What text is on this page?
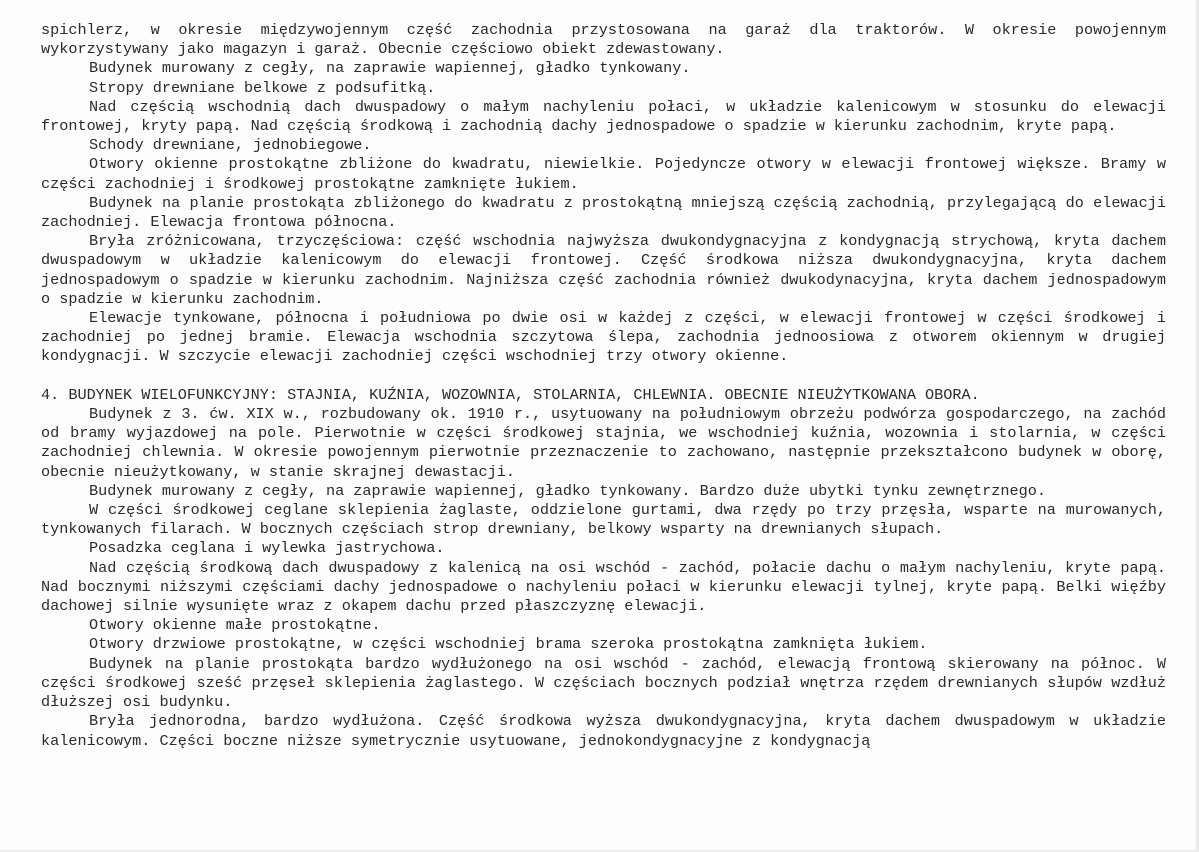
spichlerz, w okresie międzywojennym część zachodnia przystosowana na garaż dla traktorów. W okresie powojennym wykorzystywany jako magazyn i garaż. Obecnie częściowo obiekt zdewastowany.

Budynek murowany z cegły, na zaprawie wapiennej, gładko tynkowany.

Stropy drewniane belkowe z podsufitką.

Nad częścią wschodnią dach dwuspadowy o małym nachyleniu połaci, w układzie kalenicowym w stosunku do elewacji frontowej, kryty papą. Nad częścią środkową i zachodnią dachy jednospadowe o spadzie w kierunku zachodnim, kryte papą.

Schody drewniane, jednobiegowe.

Otwory okienne prostokątne zbliżone do kwadratu, niewielkie. Pojedyncze otwory w elewacji frontowej większe. Bramy w części zachodniej i środkowej prostokątne zamknięte łukiem.

Budynek na planie prostokąta zbliżonego do kwadratu z prostokątną mniejszą częścią zachodnią, przylegającą do elewacji zachodniej. Elewacja frontowa północna.

Bryła zróżnicowana, trzyczęściowa: część wschodnia najwyższa dwukondygnacyjna z kondygnacją strychową, kryta dachem dwuspadowym w układzie kalenicowym do elewacji frontowej. Część środkowa niższa dwukondygnacyjna, kryta dachem jednospadowym o spadzie w kierunku zachodnim. Najniższa część zachodnia również dwukodynacyjna, kryta dachem jednospadowym o spadzie w kierunku zachodnim.

Elewacje tynkowane, północna i południowa po dwie osi w każdej z części, w elewacji frontowej w części środkowej i zachodniej po jednej bramie. Elewacja wschodnia szczytowa ślepa, zachodnia jednoosiowa z otworem okiennym w drugiej kondygnacji. W szczycie elewacji zachodniej części wschodniej trzy otwory okienne.

4. BUDYNEK WIELOFUNKCYJNY: STAJNIA, KUŹNIA, WOZOWNIA, STOLARNIA, CHLEWNIA. OBECNIE NIEUŻYTKOWANA OBORA.

Budynek z 3. ćw. XIX w., rozbudowany ok. 1910 r., usytuowany na południowym obrzeżu podwórza gospodarczego, na zachód od bramy wyjazdowej na pole. Pierwotnie w części środkowej stajnia, we wschodniej kuźnia, wozownia i stolarnia, w części zachodniej chlewnia. W okresie powojennym pierwotnie przeznaczenie to zachowano, następnie przekształcono budynek w oborę, obecnie nieużytkowany, w stanie skrajnej dewastacji.

Budynek murowany z cegły, na zaprawie wapiennej, gładko tynkowany. Bardzo duże ubytki tynku zewnętrznego.

W części środkowej ceglane sklepienia żaglaste, oddzielone gurtami, dwa rzędy po trzy przęsła, wsparte na murowanych, tynkowanych filarach. W bocznych częściach strop drewniany, belkowy wsparty na drewnianych słupach.

Posadzka ceglana i wylewka jastrychowa.

Nad częścią środkową dach dwuspadowy z kalenicą na osi wschód - zachód, połacie dachu o małym nachyleniu, kryte papą. Nad bocznymi niższymi częściami dachy jednospadowe o nachyleniu połaci w kierunku elewacji tylnej, kryte papą. Belki więźby dachowej silnie wysunięte wraz z okapem dachu przed płaszczyznę elewacji.

Otwory okienne małe prostokątne.

Otwory drzwiowe prostokątne, w części wschodniej brama szeroka prostokątna zamknięta łukiem.

Budynek na planie prostokąta bardzo wydłużonego na osi wschód - zachód, elewacją frontową skierowany na północ. W części środkowej sześć przęseł sklepienia żaglastego. W częściach bocznych podział wnętrza rzędem drewnianych słupów wzdłuż dłuższej osi budynku.

Bryła jednorodna, bardzo wydłużona. Część środkowa wyższa dwukondygnacyjna, kryta dachem dwuspadowym w układzie kalenicowym. Części boczne niższe symetrycznie usytuowane, jednokondygnacyjne z kondygnacją
